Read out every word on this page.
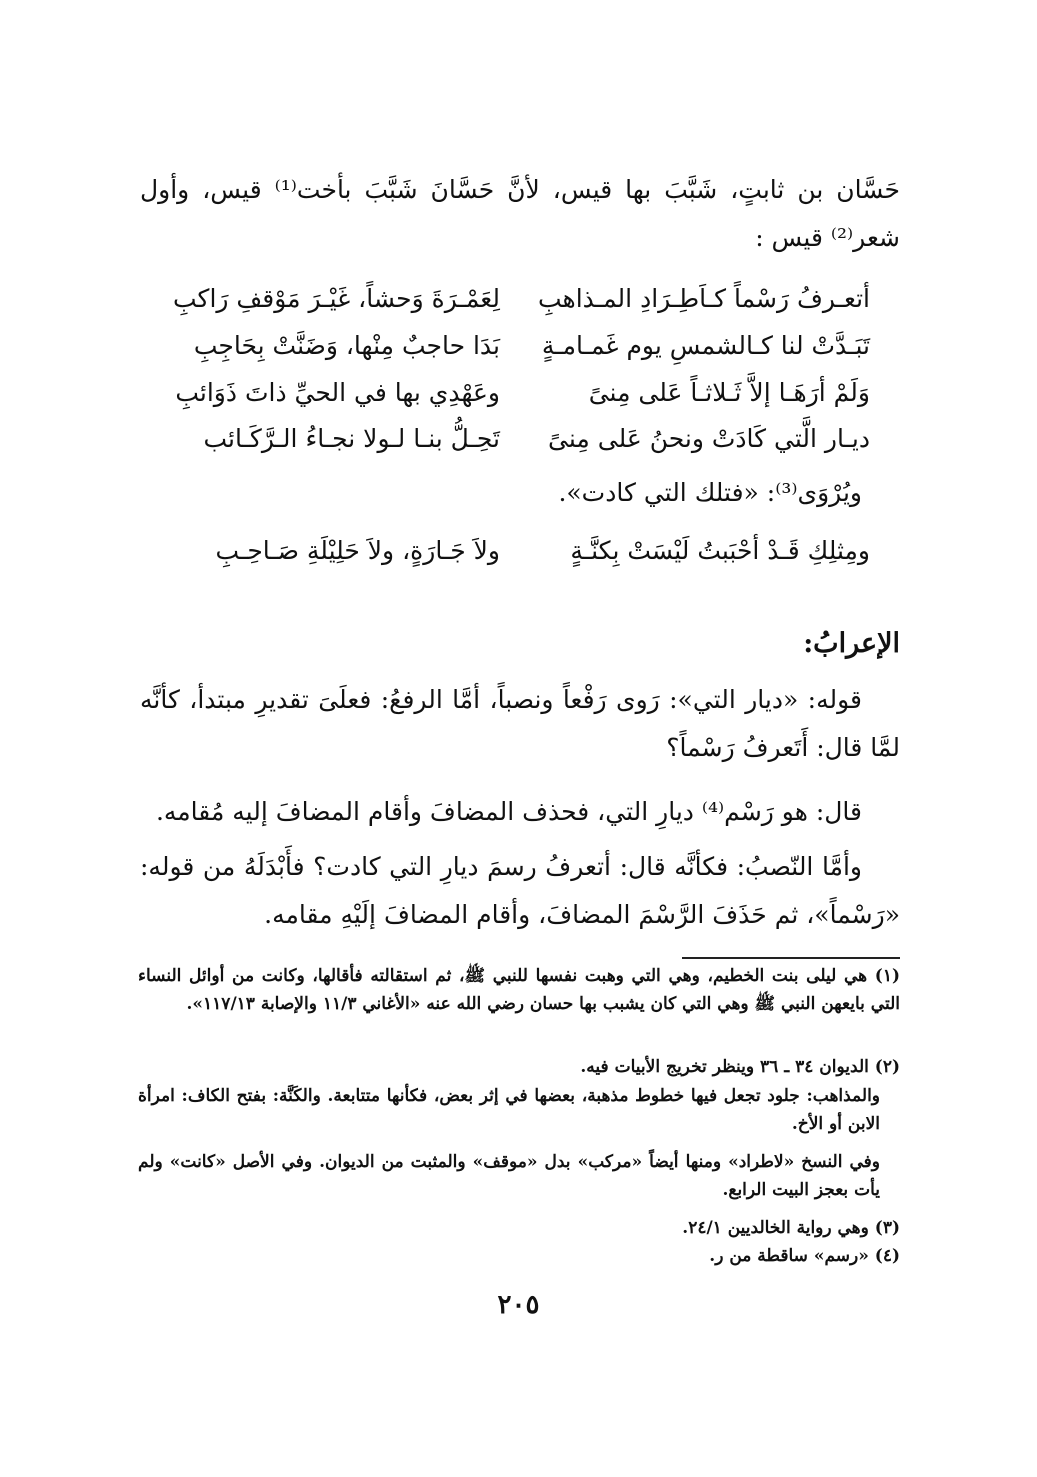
حَسَّان بن ثابتٍ، شَبَّبَ بها قيس، لأنَّ حَسَّانَ شَبَّبَ بأخت⁽¹⁾ قيس، وأول شعر⁽²⁾ قيس :
أتعـرفُ رَسْماً كـاَطِـرَادِ المـذاهبِ
لِعَمْـرَةَ وَحشاً، غَيْـرَ مَوْقفِ رَاكبِ
تَبَـدَّتْ لنا كـالشمسِ يوم غَمـامـةٍ
بَدَا حاجبٌ مِنْها، وَضَنَّتْ بِحَاجِبِ
وَلَمْ أرَهَـا إلاَّ ثَـلاثـاً عَلى مِنىً
وعَهْدِي بها في الحيِّ ذاتَ ذَوَائبِ
ديـار الَّتي كَادَتْ ونحنُ عَلى مِنىً
تَحِـلُّ بنـا لـولا نجـاءُ الـرَّكَـائب
ويُرْوَى⁽³⁾: «فتلك التي كادت».
ومِثلِكِ قَـدْ أحْبَبتُ لَيْسَتْ بِكنَّـةٍ
ولاَ جَـارَةٍ، ولاَ حَلِيْلَةِ صَـاحِـبِ
الإعرابُ:
قوله: «ديار التي»: رَوى رَفْعاً ونصباً، أمَّا الرفعُ: فعلَىَ تقديرِ مبتدأ، كأنَّه لمَّا قال: أَتَعرفُ رَسْماً؟
قال: هو رَسْم⁽⁴⁾ ديارِ التي، فحذف المضافَ وأقام المضافَ إليه مُقامه.
وأمَّا النّصبُ: فكأنَّه قال: أتعرفُ رسمَ ديارِ التي كادت؟ فأَبْدَلَهُ من قوله: «رَسْماً»، ثم حَذَفَ الرَّسْمَ المضافَ، وأقام المضافَ إلَيْهِ مقامه.
(١) هي ليلى بنت الخطيم، وهي التي وهبت نفسها للنبي ﷺ، ثم استقالته فأقالها، وكانت من أوائل النساء التي بايعهن النبي ﷺ وهي التي كان يشبب بها حسان رضي الله عنه «الأغاني ١١/٣ والإصابة ١١٧/١٣».
(٢) الديوان ٣٤ ـ ٣٦ وينظر تخريج الأبيات فيه.
والمذاهب: جلود تجعل فيها خطوط مذهبة، بعضها في إثر بعض، فكأنها متتابعة. والكَنَّة: بفتح الكاف: امرأة الابن أو الأخ.
وفي النسخ «لاطراد» ومنها أيضاً «مركب» بدل «موقف» والمثبت من الديوان. وفي الأصل «كانت» ولم يأت بعجز البيت الرابع.
(٣) وهي رواية الخالديين ٢٤/١.
(٤) «رسم» ساقطة من ر.
٢٠٥
